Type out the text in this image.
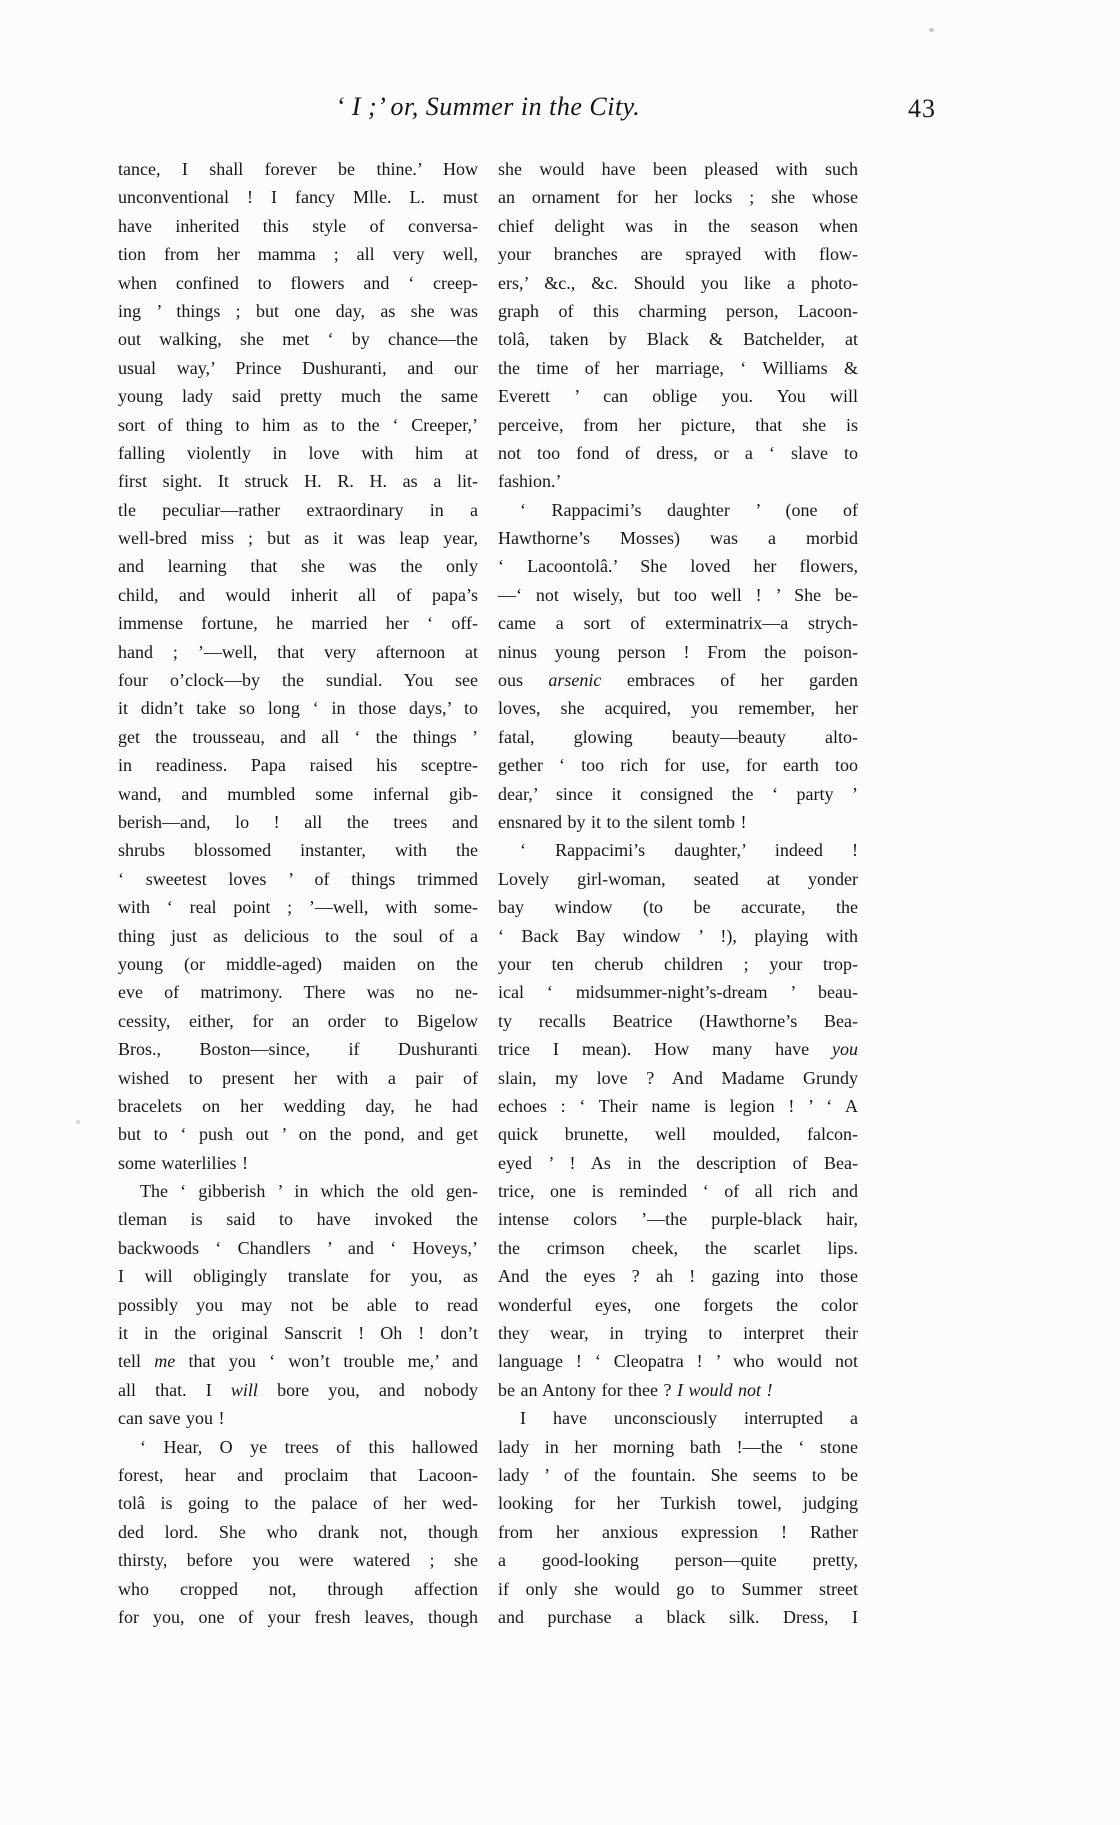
‘ I ;’ or, Summer in the City.	43
tance, I shall forever be thine.’ How
unconventional ! I fancy Mlle. L. must
have inherited this style of conversa-
tion from her mamma ; all very well,
when confined to flowers and ‘ creep-
ing ’ things ; but one day, as she was
out walking, she met ‘ by chance—the
usual way,’ Prince Dushuranti, and our
young lady said pretty much the same
sort of thing to him as to the ‘ Creeper,’
falling violently in love with him at
first sight. It struck H. R. H. as a lit-
tle peculiar—rather extraordinary in a
well-bred miss ; but as it was leap year,
and learning that she was the only
child, and would inherit all of papa’s
immense fortune, he married her ‘ off-
hand ; ’—well, that very afternoon at
four o’clock—by the sundial. You see
it didn’t take so long ‘ in those days,’ to
get the trousseau, and all ‘ the things ’
in readiness. Papa raised his sceptre-
wand, and mumbled some infernal gib-
berish—and, lo ! all the trees and
shrubs blossomed instanter, with the
‘ sweetest loves ’ of things trimmed
with ‘ real point ; ’—well, with some-
thing just as delicious to the soul of a
young (or middle-aged) maiden on the
eve of matrimony. There was no ne-
cessity, either, for an order to Bigelow
Bros., Boston—since, if Dushuranti
wished to present her with a pair of
bracelets on her wedding day, he had
but to ‘ push out ’ on the pond, and get
some waterlilies !
The ‘ gibberish ’ in which the old gen-
tleman is said to have invoked the
backwoods ‘ Chandlers ’ and ‘ Hoveys,’
I will obligingly translate for you, as
possibly you may not be able to read
it in the original Sanscrit ! Oh ! don’t
tell me that you ‘ won’t trouble me,’ and
all that. I will bore you, and nobody
can save you !
‘ Hear, O ye trees of this hallowed
forest, hear and proclaim that Lacoon-
tolâ is going to the palace of her wed-
ded lord. She who drank not, though
thirsty, before you were watered ; she
who cropped not, through affection
for you, one of your fresh leaves, though
she would have been pleased with such
an ornament for her locks ; she whose
chief delight was in the season when
your branches are sprayed with flow-
ers,’ &c., &c. Should you like a photo-
graph of this charming person, Lacoon-
tolâ, taken by Black & Batchelder, at
the time of her marriage, ‘ Williams &
Everett ’ can oblige you. You will
perceive, from her picture, that she is
not too fond of dress, or a ‘ slave to
fashion.’
‘ Rappacimi’s daughter ’ (one of
Hawthorne’s Mosses) was a morbid
‘ Lacoontolâ.’ She loved her flowers,
—‘ not wisely, but too well ! ’ She be-
came a sort of exterminatrix—a strych-
ninus young person ! From the poison-
ous arsenic embraces of her garden
loves, she acquired, you remember, her
fatal, glowing beauty—beauty alto-
gether ‘ too rich for use, for earth too
dear,’ since it consigned the ‘ party ’
ensnared by it to the silent tomb !
‘ Rappacimi’s daughter,’ indeed !
Lovely girl-woman, seated at yonder
bay window (to be accurate, the
‘ Back Bay window ’ !), playing with
your ten cherub children ; your trop-
ical ‘ midsummer-night’s-dream ’ beau-
ty recalls Beatrice (Hawthorne’s Bea-
trice I mean). How many have you
slain, my love ? And Madame Grundy
echoes : ‘ Their name is legion ! ’ ‘ A
quick brunette, well moulded, falcon-
eyed ’ ! As in the description of Bea-
trice, one is reminded ‘ of all rich and
intense colors ’—the purple-black hair,
the crimson cheek, the scarlet lips.
And the eyes ? ah ! gazing into those
wonderful eyes, one forgets the color
they wear, in trying to interpret their
language ! ‘ Cleopatra ! ’ who would not
be an Antony for thee ? I would not !
I have unconsciously interrupted a
lady in her morning bath !—the ‘ stone
lady ’ of the fountain. She seems to be
looking for her Turkish towel, judging
from her anxious expression ! Rather
a good-looking person—quite pretty,
if only she would go to Summer street
and purchase a black silk. Dress, I
